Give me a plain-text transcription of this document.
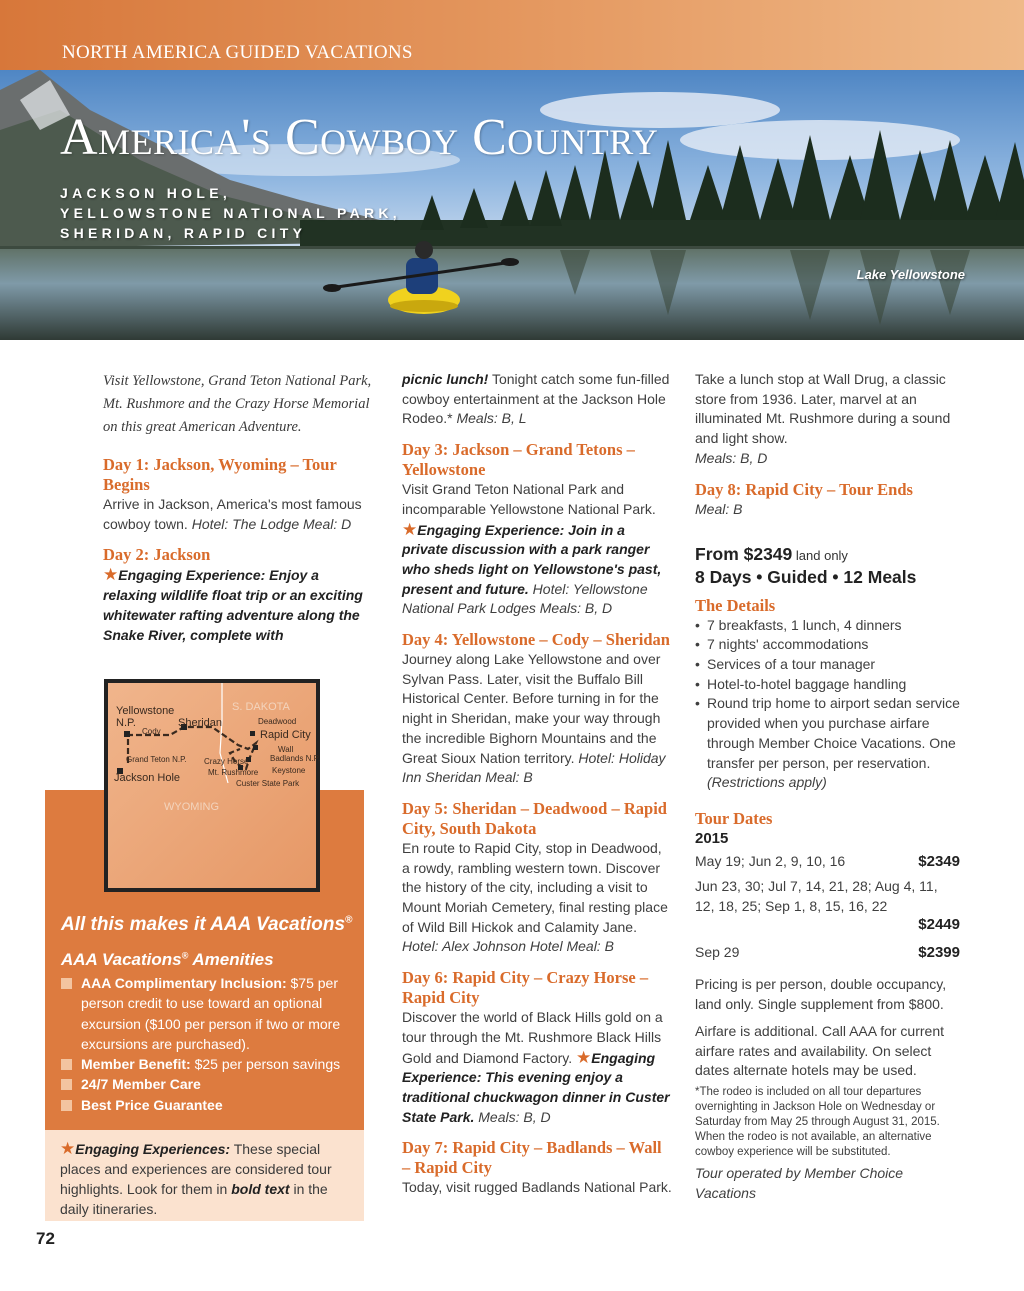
NORTH AMERICA GUIDED VACATIONS
America's Cowboy Country
JACKSON HOLE,
YELLOWSTONE NATIONAL PARK,
SHERIDAN, RAPID CITY
Lake Yellowstone

Visit Yellowstone, Grand Teton National Park, Mt. Rushmore and the Crazy Horse Memorial on this great American Adventure.

Day 1: Jackson, Wyoming – Tour Begins

Arrive in Jackson, America's most famous cowboy town. Hotel: The Lodge Meal: D

Day 2: Jackson

★Engaging Experience: Enjoy a relaxing wildlife float trip or an exciting whitewater rafting adventure along the Snake River, complete with

All this makes it AAA Vacations®
AAA Vacations® Amenities
AAA Complimentary Inclusion: $75 per person credit to use toward an optional excursion ($100 per person if two or more excursions are purchased).
Member Benefit: $25 per person savings
24/7 Member Care
Best Price Guarantee
Yellowstone
N.P.
Cody
Sheridan
S. DAKOTA
Deadwood
Rapid City
Wall
Badlands N.P.
Keystone
Grand Teton N.P. Crazy Horse
Mt. Rushmore
Custer State Park
Jackson Hole
WYOMING
★Engaging Experiences: These special places and experiences are considered tour highlights. Look for them in bold text in the daily itineraries.
72

picnic lunch! Tonight catch some fun-filled cowboy entertainment at the Jackson Hole Rodeo.* Meals: B, L

Day 3: Jackson – Grand Tetons – Yellowstone

Visit Grand Teton National Park and incomparable Yellowstone National Park.

★Engaging Experience: Join in a private discussion with a park ranger who sheds light on Yellowstone's past, present and future. Hotel: Yellowstone National Park Lodges Meals: B, D

Day 4: Yellowstone – Cody – Sheridan

Journey along Lake Yellowstone and over Sylvan Pass. Later, visit the Buffalo Bill Historical Center. Before turning in for the night in Sheridan, make your way through the incredible Bighorn Mountains and the Great Sioux Nation territory. Hotel: Holiday Inn Sheridan Meal: B

Day 5: Sheridan – Deadwood – Rapid City, South Dakota

En route to Rapid City, stop in Deadwood, a rowdy, rambling western town. Discover the history of the city, including a visit to Mount Moriah Cemetery, final resting place of Wild Bill Hickok and Calamity Jane.

Hotel: Alex Johnson Hotel Meal: B

Day 6: Rapid City – Crazy Horse – Rapid City

Discover the world of Black Hills gold on a tour through the Mt. Rushmore Black Hills Gold and Diamond Factory. ★Engaging Experience: This evening enjoy a traditional chuckwagon dinner in Custer State Park. Meals: B, D

Day 7: Rapid City – Badlands – Wall – Rapid City

Today, visit rugged Badlands National Park.

Take a lunch stop at Wall Drug, a classic store from 1936. Later, marvel at an illuminated Mt. Rushmore during a sound and light show.

Meals: B, D

Day 8: Rapid City – Tour Ends

Meal: B

From $2349 land only
8 Days • Guided • 12 Meals
The Details
• 7 breakfasts, 1 lunch, 4 dinners
• 7 nights' accommodations
• Services of a tour manager
• Hotel-to-hotel baggage handling
• Round trip home to airport sedan service provided when you purchase airfare through Member Choice Vacations. One transfer per person, per reservation.

(Restrictions apply)

Tour Dates
2015
May 19; Jun 2, 9, 10, 16	$2349
Jun 23, 30; Jul 7, 14, 21, 28; Aug 4, 11, 12, 18, 25; Sep 1, 8, 15, 16, 22
$2449
Sep 29	$2399

Pricing is per person, double occupancy, land only. Single supplement from $800.

Airfare is additional. Call AAA for current airfare rates and availability. On select dates alternate hotels may be used.

*The rodeo is included on all tour departures overnighting in Jackson Hole on Wednesday or Saturday from May 25 through August 31, 2015. When the rodeo is not available, an alternative cowboy experience will be substituted.

Tour operated by Member Choice Vacations
